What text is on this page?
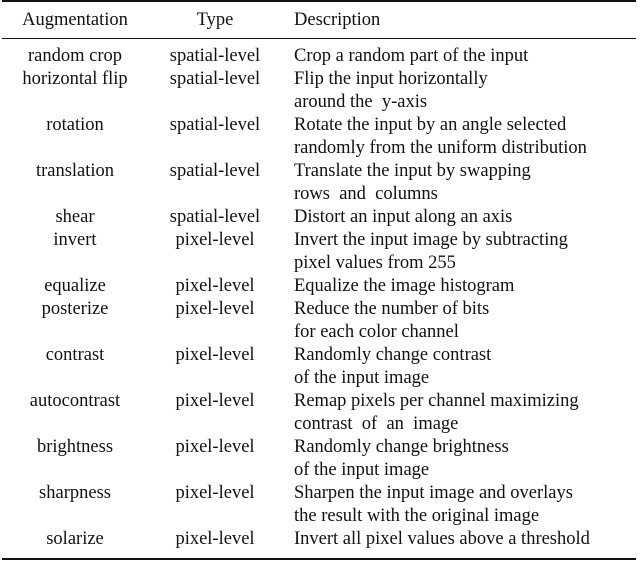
Augmentation	Type	Description
random crop	spatial-level	Crop a random part of the input
horizontal flip	spatial-level	Flip the input horizontally
around the  y-axis
rotation	spatial-level	Rotate the input by an angle selected
randomly from the uniform distribution
translation	spatial-level	Translate the input by swapping
rows  and  columns
shear	spatial-level	Distort an input along an axis
invert	pixel-level	Invert the input image by subtracting
pixel values from 255
equalize	pixel-level	Equalize the image histogram
posterize	pixel-level	Reduce the number of bits
for each color channel
contrast	pixel-level	Randomly change contrast
of the input image
autocontrast	pixel-level	Remap pixels per channel maximizing
contrast  of  an  image
brightness	pixel-level	Randomly change brightness
of the input image
sharpness	pixel-level	Sharpen the input image and overlays
the result with the original image
solarize	pixel-level	Invert all pixel values above a threshold
